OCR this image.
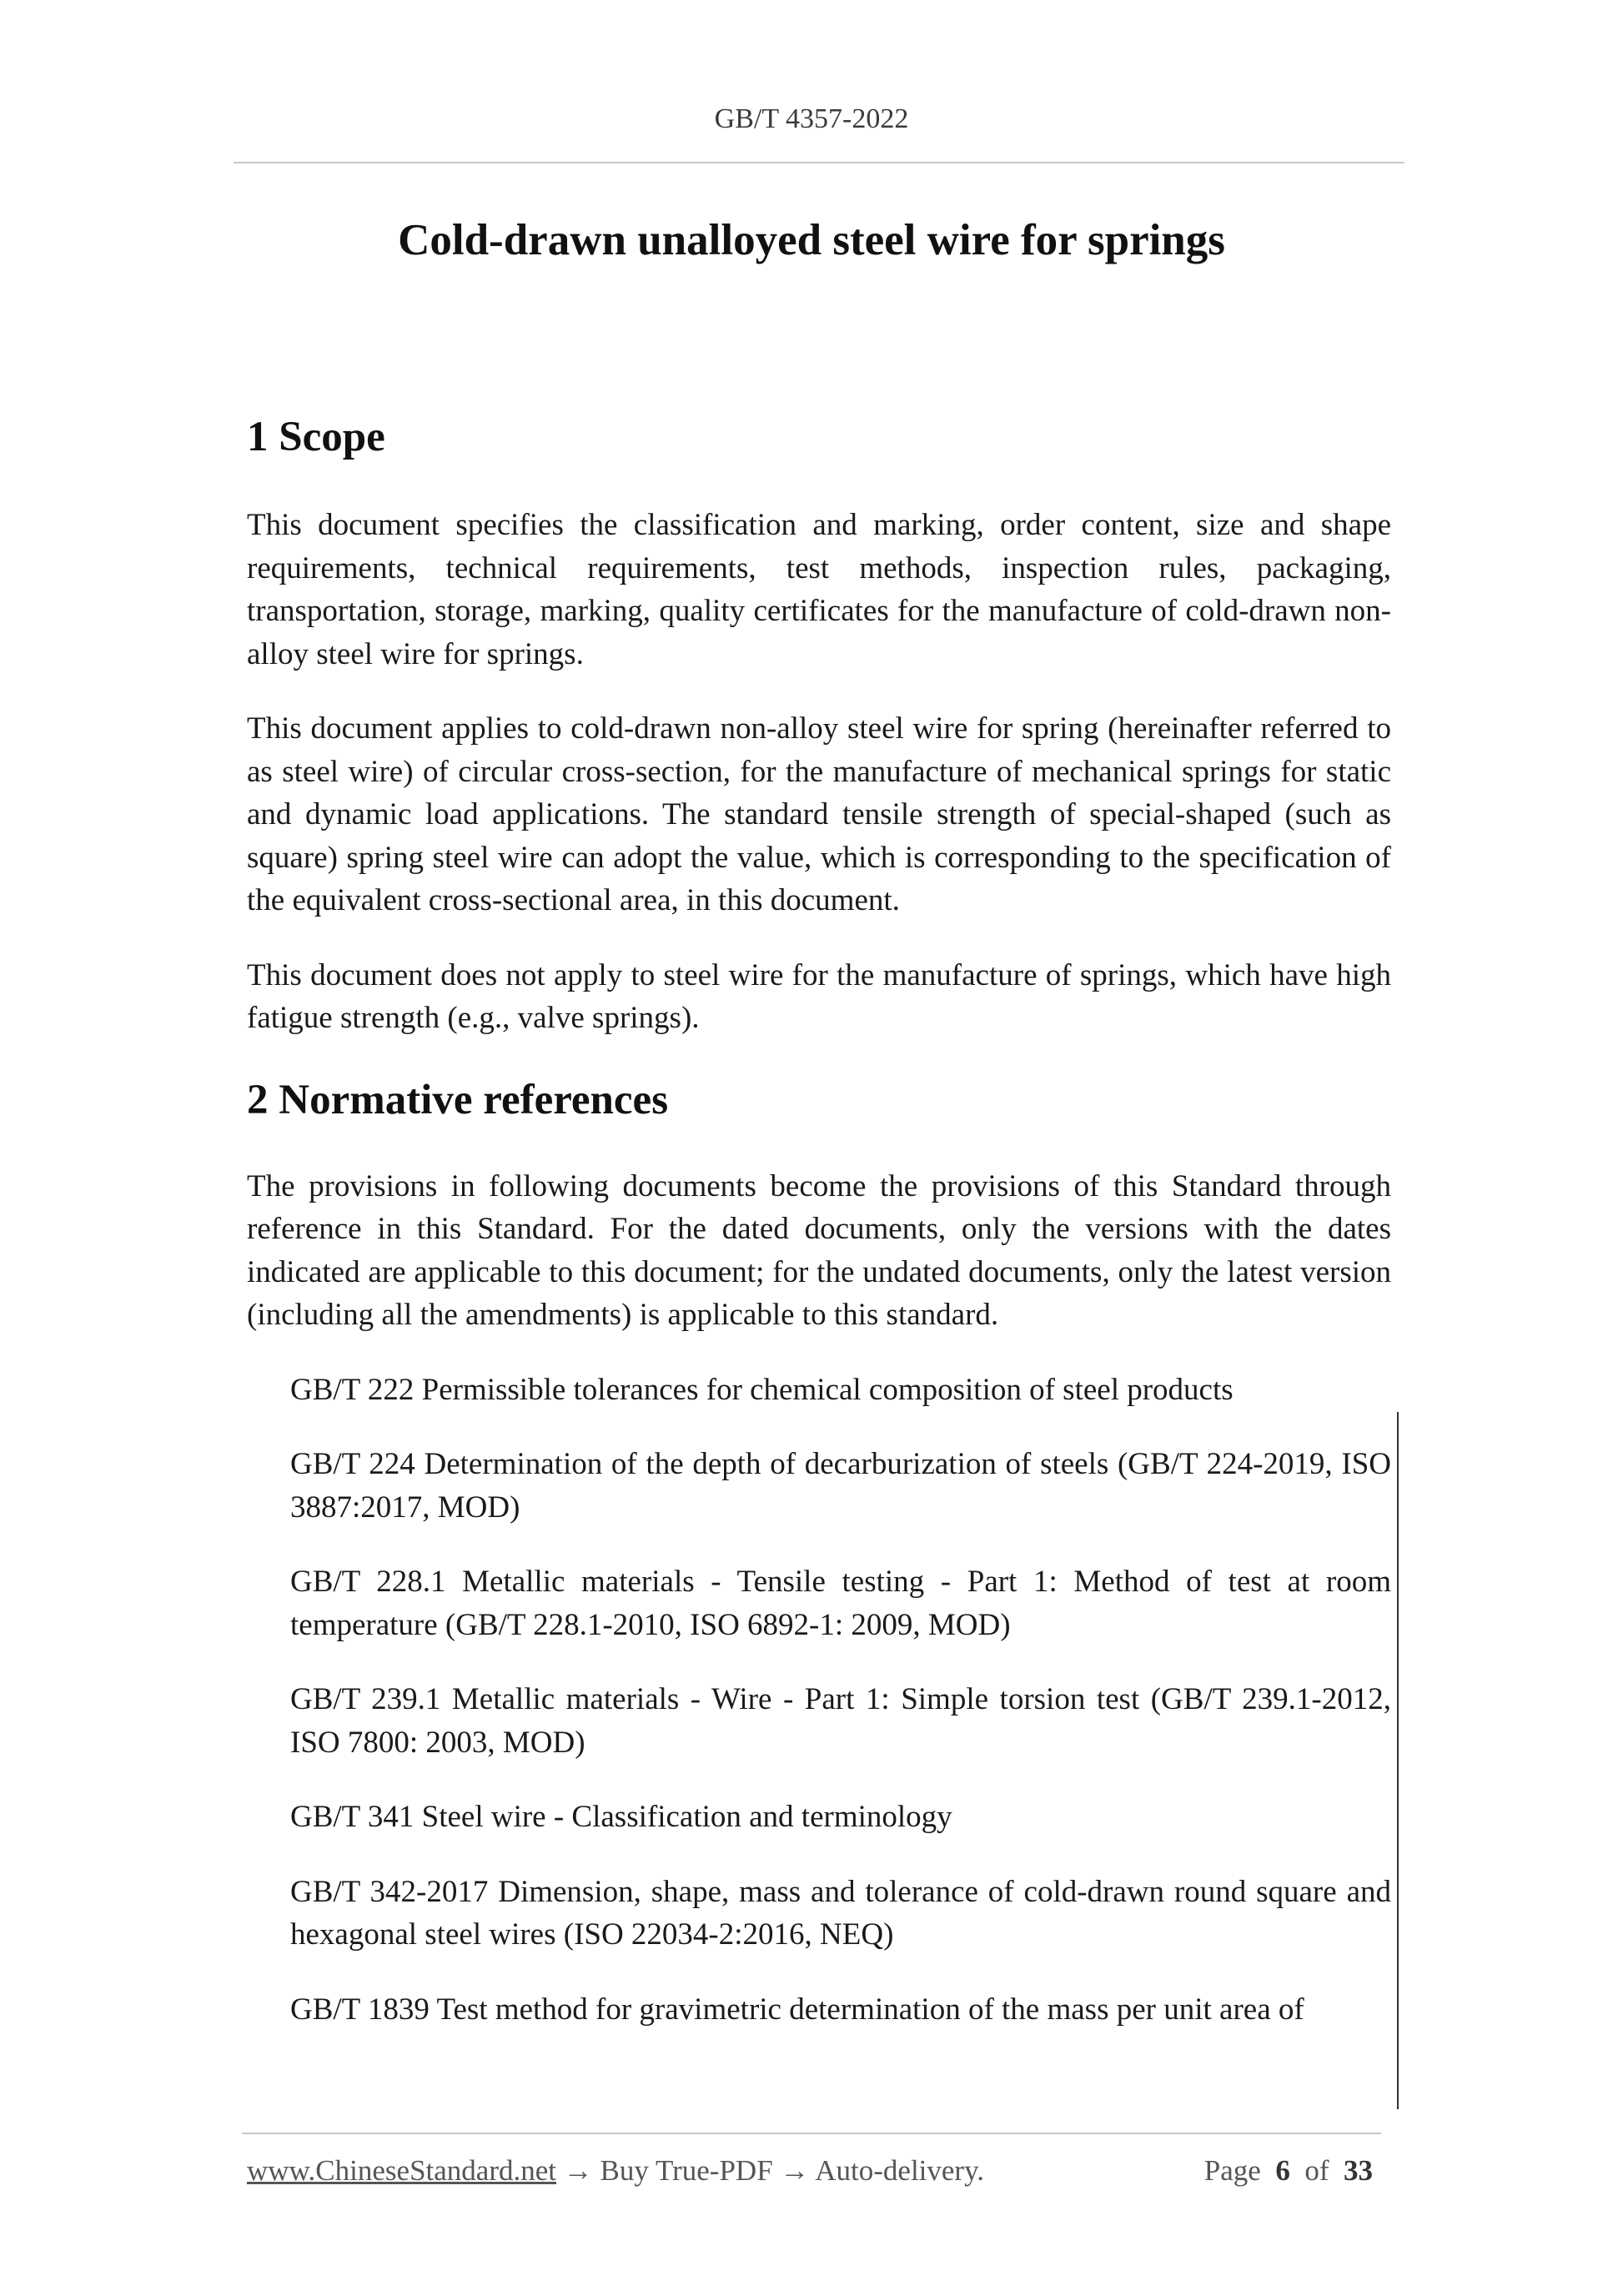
GB/T 4357-2022
Cold-drawn unalloyed steel wire for springs
1 Scope

This document specifies the classification and marking, order content, size and shape requirements, technical requirements, test methods, inspection rules, packaging, transportation, storage, marking, quality certificates for the manufacture of cold-drawn non-alloy steel wire for springs.

This document applies to cold-drawn non-alloy steel wire for spring (hereinafter referred to as steel wire) of circular cross-section, for the manufacture of mechanical springs for static and dynamic load applications. The standard tensile strength of special-shaped (such as square) spring steel wire can adopt the value, which is corresponding to the specification of the equivalent cross-sectional area, in this document.

This document does not apply to steel wire for the manufacture of springs, which have high fatigue strength (e.g., valve springs).

2 Normative references

The provisions in following documents become the provisions of this Standard through reference in this Standard. For the dated documents, only the versions with the dates indicated are applicable to this document; for the undated documents, only the latest version (including all the amendments) is applicable to this standard.

GB/T 222 Permissible tolerances for chemical composition of steel products
GB/T 224 Determination of the depth of decarburization of steels (GB/T 224-2019, ISO 3887:2017, MOD)
GB/T 228.1 Metallic materials - Tensile testing - Part 1: Method of test at room temperature (GB/T 228.1-2010, ISO 6892-1: 2009, MOD)
GB/T 239.1 Metallic materials - Wire - Part 1: Simple torsion test (GB/T 239.1-2012, ISO 7800: 2003, MOD)
GB/T 341 Steel wire - Classification and terminology
GB/T 342-2017 Dimension, shape, mass and tolerance of cold-drawn round square and hexagonal steel wires (ISO 22034-2:2016, NEQ)
GB/T 1839 Test method for gravimetric determination of the mass per unit area of
www.ChineseStandard.net → Buy True-PDF → Auto-delivery.	Page 6 of 33
